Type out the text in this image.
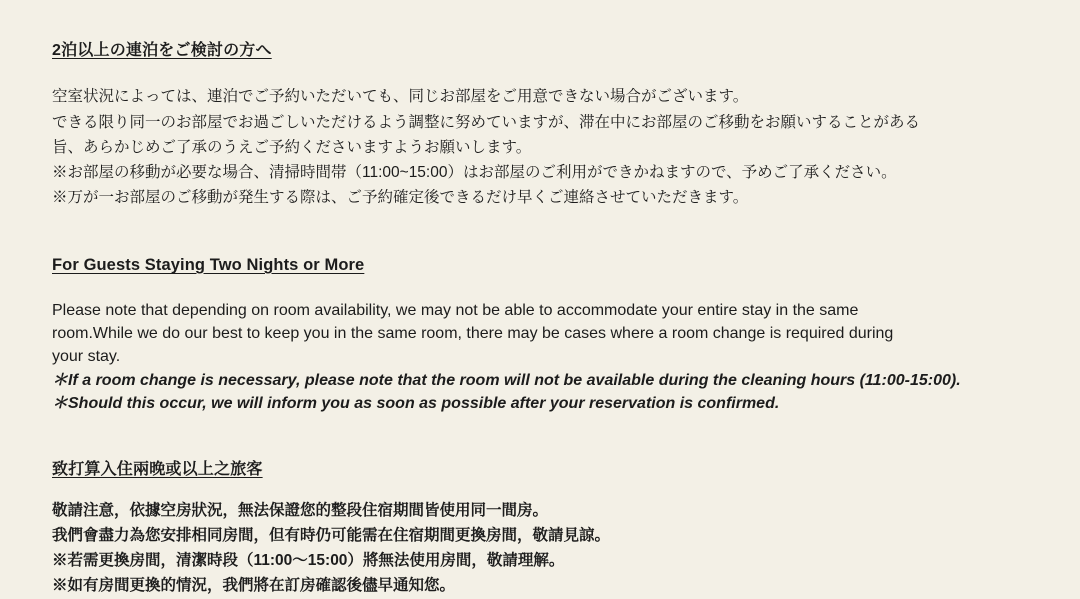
2泊以上の連泊をご検討の方へ

空室状況によっては、連泊でご予約いただいても、同じお部屋をご用意できない場合がございます。

できる限り同一のお部屋でお過ごしいただけるよう調整に努めていますが、滞在中にお部屋のご移動をお願いすることがある

旨、あらかじめご了承のうえご予約くださいますようお願いします。

※お部屋の移動が必要な場合、清掃時間帯（11:00~15:00）はお部屋のご利用ができかねますので、予めご了承ください。

※万が一お部屋のご移動が発生する際は、ご予約確定後できるだけ早くご連絡させていただきます。

For Guests Staying Two Nights or More

Please note that depending on room availability, we may not be able to accommodate your entire stay in the same

room.While we do our best to keep you in the same room, there may be cases where a room change is required during

your stay.

＊If a room change is necessary, please note that the room will not be available during the cleaning hours (11:00-15:00).

＊Should this occur, we will inform you as soon as possible after your reservation is confirmed.

致打算入住兩晚或以上之旅客

敬請注意，依據空房狀況，無法保證您的整段住宿期間皆使用同一間房。

我們會盡力為您安排相同房間，但有時仍可能需在住宿期間更換房間，敬請見諒。

※若需更換房間，清潔時段（11:00～15:00）將無法使用房間，敬請理解。

※如有房間更換的情況，我們將在訂房確認後儘早通知您。
